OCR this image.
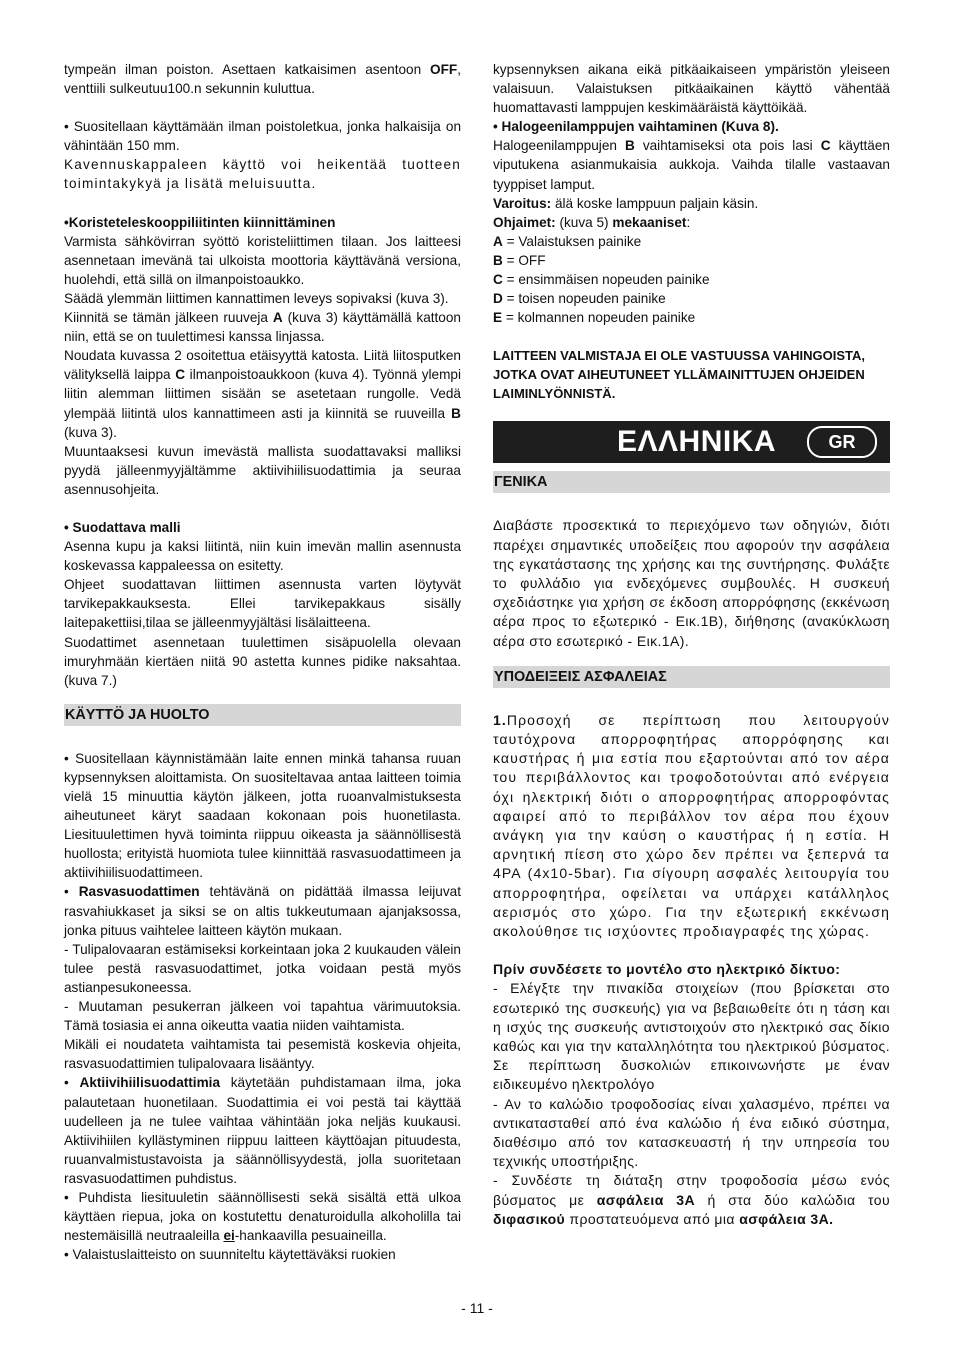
tympeän ilman poiston. Asettaen katkaisimen asentoon OFF, venttiili sulkeutuu100.n sekunnin kuluttua.

• Suositellaan käyttämään ilman poistoletkua, jonka halkaisija on vähintään 150 mm.

Kavennuskappaleen käyttö voi heikentää tuotteen toimintakykyä ja lisätä meluisuutta.

•Koristeteleskooppiliitinten kiinnittäminen

Varmista sähkövirran syöttö koristeliittimen tilaan. Jos laitteesi asennetaan imevänä tai ulkoista moottoria käyttävänä versiona, huolehdi, että sillä on ilmanpoistoaukko.

Säädä ylemmän liittimen kannattimen leveys sopivaksi (kuva 3).

Kiinnitä se tämän jälkeen ruuveja A (kuva 3) käyttämällä kattoon niin, että se on tuulettimesi kanssa linjassa.

Noudata kuvassa 2 osoitettua etäisyyttä katosta. Liitä liitosputken välityksellä laippa C ilmanpoistoaukkoon (kuva 4). Työnnä ylempi liitin alemman liittimen sisään se asetetaan rungolle. Vedä ylempää liitintä ulos kannattimeen asti ja kiinnitä se ruuveilla B (kuva 3).

Muuntaaksesi kuvun imevästä mallista suodattavaksi malliksi pyydä jälleenmyyjältämme aktiivihiilisuodattimia ja seuraa asennusohjeita.

• Suodattava malli

Asenna kupu ja kaksi liitintä, niin kuin imevän mallin asennusta koskevassa kappaleessa on esitetty.

Ohjeet suodattavan liittimen asennusta varten löytyvät tarvikepakkauksesta. Ellei tarvikepakkaus sisälly laitepakettiisi,tilaa se jälleenmyyjältäsi lisälaitteena.

Suodattimet asennetaan tuulettimen sisäpuolella olevaan imuryhmään kiertäen niitä 90 astetta kunnes pidike naksahtaa. (kuva 7.)

KÄYTTÖ JA HUOLTO

• Suositellaan käynnistämään laite ennen minkä tahansa ruuan kypsennyksen aloittamista. On suositeltavaa antaa laitteen toimia vielä 15 minuuttia käytön jälkeen, jotta ruoanvalmistuksesta aiheutuneet käryt saadaan kokonaan pois huonetilasta. Liesituulettimen hyvä toiminta riippuu oikeasta ja säännöllisestä huollosta; erityistä huomiota tulee kiinnittää rasvasuodattimeen ja aktiivihiilisuodattimeen.

• Rasvasuodattimen tehtävänä on pidättää ilmassa leijuvat rasvahiukkaset ja siksi se on altis tukkeutumaan ajanjaksossa, jonka pituus vaihtelee laitteen käytön mukaan.

- Tulipalovaaran estämiseksi korkeintaan joka 2 kuukauden välein tulee pestä rasvasuodattimet, jotka voidaan pestä myös astianpesukoneessa.

- Muutaman pesukerran jälkeen voi tapahtua värimuutoksia. Tämä tosiasia ei anna oikeutta vaatia niiden vaihtamista.

Mikäli ei noudateta vaihtamista tai pesemistä koskevia ohjeita, rasvasuodattimien tulipalovaara lisääntyy.

• Aktiivihiilisuodattimia käytetään puhdistamaan ilma, joka palautetaan huonetilaan. Suodattimia ei voi pestä tai käyttää uudelleen ja ne tulee vaihtaa vähintään joka neljäs kuukausi. Aktiivihiilen kyllästyminen riippuu laitteen käyttöajan pituudesta, ruuanvalmistustavoista ja säännöllisyydestä, jolla suoritetaan rasvasuodattimen puhdistus.

• Puhdista liesituuletin säännöllisesti sekä sisältä että ulkoa käyttäen riepua, joka on kostutettu denaturoidulla alkoholilla tai nestemäisillä neutraaleilla ei-hankaavilla pesuaineilla.

• Valaistuslaitteisto on suunniteltu käytettäväksi ruokien

kypsennyksen aikana eikä pitkäaikaiseen ympäristön yleiseen valaisuun. Valaistuksen pitkäaikainen käyttö vähentää huomattavasti lamppujen keskimääräistä käyttöikää.

• Halogeenilamppujen vaihtaminen (Kuva 8).

Halogeenilamppujen B vaihtamiseksi ota pois lasi C käyttäen viputukena asianmukaisia aukkoja. Vaihda tilalle vastaavan tyyppiset lamput.

Varoitus: älä koske lamppuun paljain käsin.

Ohjaimet: (kuva 5) mekaaniset:

A = Valaistuksen painike

B = OFF

C = ensimmäisen nopeuden painike

D = toisen nopeuden painike

E = kolmannen nopeuden painike

LAITTEEN VALMISTAJA EI OLE VASTUUSSA VAHINGOISTA, JOTKA OVAT AIHEUTUNEET YLLÄMAINITTUJEN OHJEIDEN LAIMINLYÖNNISTÄ.

ΕΛΛΗΝΙΚΑ	GR

ΓΕΝΙΚΑ

Διαβάστε προσεκτικά το περιεχόμενο των οδηγιών, διότι παρέχει σημαντικές υποδείξεις που αφορούν την ασφάλεια της εγκατάστασης της χρήσης και της συντήρησης. Φυλάξτε το φυλλάδιο για ενδεχόμενες συμβουλές. Η συσκευή σχεδιάστηκε για χρήση σε έκδοση απορρόφησης (εκκένωση αέρα προς το εξωτερικό - Εικ.1B), διήθησης (ανακύκλωση αέρα στο εσωτερικό - Εικ.1A).

ΥΠΟΔΕΙΞΕΙΣ ΑΣΦΑΛΕΙΑΣ

1.Προσοχή σε περίπτωση που λειτουργούν ταυτόχρονα απορροφητήρας απορρόφησης και καυστήρας ή μια εστία που εξαρτούνται από τον αέρα του περιβάλλοντος και τροφοδοτούνται από ενέργεια όχι ηλεκτρική διότι ο απορροφητήρας απορροφόντας αφαιρεί από το περιβάλλον τον αέρα που έχουν ανάγκη για την καύση ο καυστήρας ή η εστία. Η αρνητική πίεση στο χώρο δεν πρέπει να ξεπερνά τα 4PA (4x10-5bar). Για σίγουρη ασφαλές λειτουργία του απορροφητήρα, οφείλεται να υπάρχει κατάλληλος αερισμός στο χώρο. Για την εξωτερική εκκένωση ακολούθησε τις ισχύοντες προδιαγραφές της χώρας.

Πρίν συνδέσετε το μοντέλο στο ηλεκτρικό δίκτυο:

- Ελέγξτε την πινακίδα στοιχείων (που βρίσκεται στο εσωτερικό της συσκευής) για να βεβαιωθείτε ότι η τάση και η ισχύς της συσκευής αντιστοιχούν στο ηλεκτρικό σας δίκιο καθώς και για την καταλληλότητα του ηλεκτρικού βύσματος. Σε περίπτωση δυσκολιών επικοινωνήστε με έναν ειδικευμένο ηλεκτρολόγο

- Αν το καλώδιο τροφοδοσίας είναι χαλασμένο, πρέπει να αντικατασταθεί από ένα καλώδιο ή ένα ειδικό σύστημα, διαθέσιμο από τον κατασκευαστή ή την υπηρεσία του τεχνικής υποστήριξης.

- Συνδέστε τη διάταξη στην τροφοδοσία μέσω ενός βύσματος με ασφάλεια 3A ή στα δύο καλώδια του διφασικού προστατευόμενα από μια ασφάλεια 3A.

- 11 -
